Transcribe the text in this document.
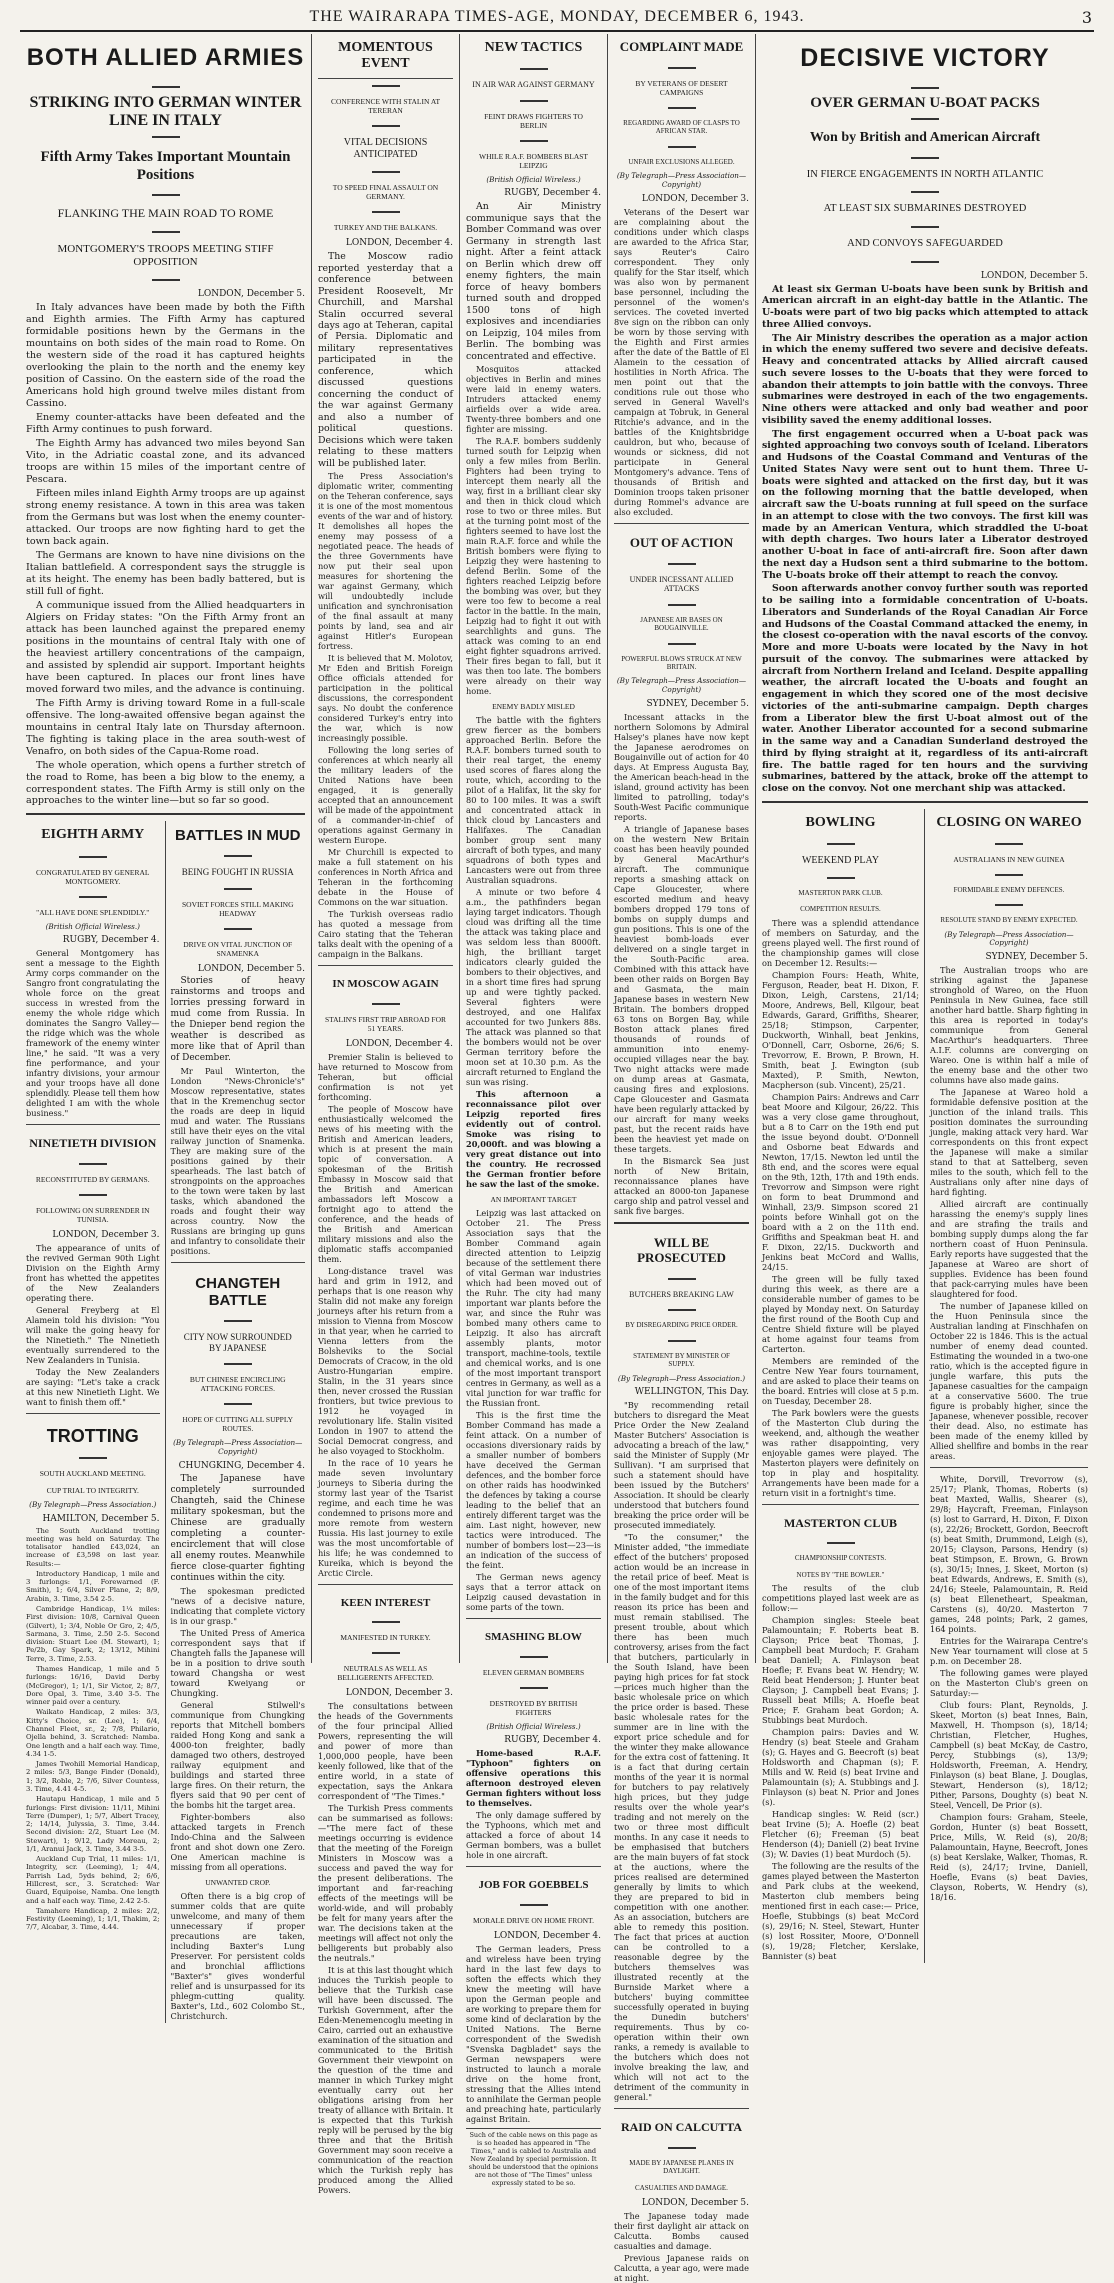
THE WAIRARAPA TIMES-AGE, MONDAY, DECEMBER 6, 1943.	3
BOTH ALLIED ARMIES
STRIKING INTO GERMAN WINTER LINE IN ITALY
Fifth Army Takes Important Mountain Positions
FLANKING THE MAIN ROAD TO ROME
MONTGOMERY'S TROOPS MEETING STIFF OPPOSITION
LONDON, December 5.

In Italy advances have been made by both the Fifth and Eighth armies. The Fifth Army has captured formidable positions hewn by the Germans in the mountains on both sides of the main road to Rome. On the western side of the road it has captured heights overlooking the plain to the north and the enemy key position of Cassino. On the eastern side of the road the Americans hold high ground twelve miles distant from Cassino.

Enemy counter-attacks have been defeated and the Fifth Army continues to push forward.

The Eighth Army has advanced two miles beyond San Vito, in the Adriatic coastal zone, and its advanced troops are within 15 miles of the important centre of Pescara.

Fifteen miles inland Eighth Army troops are up against strong enemy resistance. A town in this area was taken from the Germans but was lost when the enemy counter-attacked. Our troops are now fighting hard to get the town back again.

The Germans are known to have nine divisions on the Italian battlefield. A correspondent says the struggle is at its height. The enemy has been badly battered, but is still full of fight.

A communique issued from the Allied headquarters in Algiers on Friday states: "On the Fifth Army front an attack has been launched against the prepared enemy positions in the mountains of central Italy with one of the heaviest artillery concentrations of the campaign, and assisted by splendid air support. Important heights have been captured. In places our front lines have moved forward two miles, and the advance is continuing.

The Fifth Army is driving toward Rome in a full-scale offensive. The long-awaited offensive began against the mountains in central Italy late on Thursday afternoon. The fighting is taking place in the area south-west of Venafro, on both sides of the Capua-Rome road.

The whole operation, which opens a further stretch of the road to Rome, has been a big blow to the enemy, a correspondent states. The Fifth Army is still only on the approaches to the winter line—but so far so good.

EIGHTH ARMY
CONGRATULATED BY GENERAL MONTGOMERY.
"ALL HAVE DONE SPLENDIDLY."
(British Official Wireless.)
RUGBY, December 4.

General Montgomery has sent a message to the Eighth Army corps commander on the Sangro front congratulating the whole force on the great success in wrested from the enemy the whole ridge which dominates the Sangro Valley—the ridge which was the whole framework of the enemy winter line," he said. "It was a very fine performance, and your infantry divisions, your armour and your troops have all done splendidly. Please tell them how delighted I am with the whole business."

NINETIETH DIVISION
RECONSTITUTED BY GERMANS.
FOLLOWING ON SURRENDER IN TUNISIA.
LONDON, December 3.

The appearance of units of the revived German 90th Light Division on the Eighth Army front has whetted the appetites of the New Zealanders operating there.

General Freyberg at El Alamein told his division: "You will make the going heavy for the Ninetieth." The Ninetieth eventually surrendered to the New Zealanders in Tunisia.

Today the New Zealanders are saying: "Let's take a crack at this new Ninetieth Light. We want to finish them off."

TROTTING
SOUTH AUCKLAND MEETING.
CUP TRIAL TO INTEGRITY.
(By Telegraph—Press Association.)
HAMILTON, December 5.

The South Auckland trotting meeting was held on Saturday. The totalisator handled £43,024, an increase of £3,598 on last year. Results:—

Introductory Handicap, 1 mile and 3 furlongs: 1/1, Forewarned (F. Smith), 1; 6/4, Silver Plane, 2; 8/9, Arabin, 3. Time, 3.54 2-5.

Cambridge Handicap, 1¼ miles: First division: 10/8, Carnival Queen (Gilvert), 1; 3/4, Noble Or Gro, 2; 4/5, Sarmana, 3. Time, 2.50 2-5. Second division: Stuart Lee (M. Stewart), 1; Pe/2b, Gay Spark, 2; 13/12, Mihini Terre, 3. Time, 2.53.

Thames Handicap, 1 mile and 5 furlongs: 16/16, David Derby (McGregor), 1; 1/1, Sir Victor, 2; 8/7, Dore Opal, 3. Time, 3.40 3-5. The winner paid over a century.

Waikato Handicap, 2 miles: 3/3, Kitty's Choice, sr. (Lee), 1; 6/4, Channel Fleet, sr., 2; 7/8, Philario, Ojella behind, 3. Scratched: Namba. One length and a half each way. Time, 4.34 1-5.

James Twohill Memorial Handicap, 2 miles: 5/3, Bange Finder (Donald), 1; 3/2, Roble, 2; 7/6, Silver Countess, 3. Time, 4.41 4-5.

Hautapu Handicap, 1 mile and 5 furlongs: First division: 11/11, Mihini Terre (Dumper), 1; 5/7, Albert Tracey, 2; 14/14, Julyssia, 3. Time, 3.44. Second division: 2/2, Stuart Lee (M. Stewart), 1; 9/12, Lady Moreau, 2; 1/1, Aranui Jack, 3. Time, 3.44 3-5.

Auckland Cup Trial, 11 miles: 1/1, Integrity, scr. (Leeming), 1; 4/4, Parrish Lad, 5yds behind, 2; 6/6, Hillcrest, scr., 3. Scratched: War Guard, Equipoise, Namba. One length and a half each way. Time, 2.42 2-5.

Tamahere Handicap, 2 miles: 2/2, Festivity (Leeming), 1; 1/1, Thakim, 2; 7/7, Alcabar, 3. Time, 4.44.

BATTLES IN MUD
BEING FOUGHT IN RUSSIA
SOVIET FORCES STILL MAKING HEADWAY
DRIVE ON VITAL JUNCTION OF SNAMENKA
LONDON, December 5.

Stories of heavy rainstorms and troops and lorries pressing forward in mud come from Russia. In the Dnieper bend region the weather is described as more like that of April than of December.

Mr Paul Winterton, the London "News-Chronicle's" Moscow representative, states that in the Kremenchug sector the roads are deep in liquid mud and water. The Russians still have their eyes on the vital railway junction of Snamenka. They are making sure of the positions gained by their spearheads. The last batch of strongpoints on the approaches to the town were taken by last tasks, which abandoned the roads and fought their way across country. Now the Russians are bringing up guns and infantry to consolidate their positions.

CHANGTEH BATTLE
CITY NOW SURROUNDED BY JAPANESE
BUT CHINESE ENCIRCLING ATTACKING FORCES.
HOPE OF CUTTING ALL SUPPLY ROUTES.
(By Telegraph—Press Association—Copyright)
CHUNGKING, December 4.

The Japanese have completely surrounded Changteh, said the Chinese military spokesman, but the Chinese are gradually completing a counter-encirclement that will close all enemy routes. Meanwhile fierce close-quarter fighting continues within the city.

The spokesman predicted "news of a decisive nature, indicating that complete victory is in our grasp."

The United Press of America correspondent says that if Changteh falls the Japanese will be in a position to drive south toward Changsha or west toward Kweiyang or Chungking.

General Stilwell's communique from Chungking reports that Mitchell bombers raided Hong Kong and sank a 4000-ton freighter, badly damaged two others, destroyed railway equipment and buildings and started three large fires. On their return, the flyers said that 90 per cent of the bombs hit the target area.

Fighter-bombers also attacked targets in French Indo-China and the Salween front and shot down one Zero. One American machine is missing from all operations.

UNWANTED CROP.

Often there is a big crop of summer colds that are quite unwelcome, and many of them unnecessary if proper precautions are taken, including Baxter's Lung Preserver. For persistent colds and bronchial afflictions "Baxter's" gives wonderful relief and is unsurpassed for its phlegm-cutting quality. Baxter's, Ltd., 602 Colombo St., Christchurch.

MOMENTOUS EVENT
CONFERENCE WITH STALIN AT TERERAN
VITAL DECISIONS ANTICIPATED
TO SPEED FINAL ASSAULT ON GERMANY.
TURKEY AND THE BALKANS.
LONDON, December 4.

The Moscow radio reported yesterday that a conference between President Roosevelt, Mr Churchill, and Marshal Stalin occurred several days ago at Teheran, capital of Persia. Diplomatic and military representatives participated in the conference, which discussed questions concerning the conduct of the war against Germany and also a number of political questions. Decisions which were taken relating to these matters will be published later.

The Press Association's diplomatic writer, commenting on the Teheran conference, says it is one of the most momentous events of the war and of history. It demolishes all hopes the enemy may possess of a negotiated peace. The heads of the three Governments have now put their seal upon measures for shortening the war against Germany, which will undoubtedly include unification and synchronisation of the final assault at many points by land, sea and air against Hitler's European fortress.

It is believed that M. Molotov, Mr Eden and British Foreign Office officials attended for participation in the political discussions, the correspondent says. No doubt the conference considered Turkey's entry into the war, which is now increasingly possible.

Following the long series of conferences at which nearly all the military leaders of the United Nations have been engaged, it is generally accepted that an announcement will be made of the appointment of a commander-in-chief of operations against Germany in western Europe.

Mr Churchill is expected to make a full statement on his conferences in North Africa and Teheran in the forthcoming debate in the House of Commons on the war situation.

The Turkish overseas radio has quoted a message from Cairo stating that the Teheran talks dealt with the opening of a campaign in the Balkans.

IN MOSCOW AGAIN
STALIN'S FIRST TRIP ABROAD FOR 51 YEARS.
LONDON, December 4.

Premier Stalin is believed to have returned to Moscow from Teheran, but official confirmation is not yet forthcoming.

The people of Moscow have enthusiastically welcomed the news of his meeting with the British and American leaders, which is at present the main topic of conversation. A spokesman of the British Embassy in Moscow said that the British and American ambassadors left Moscow a fortnight ago to attend the conference, and the heads of the British and American military missions and also the diplomatic staffs accompanied them.

Long-distance travel was hard and grim in 1912, and perhaps that is one reason why Stalin did not make any foreign journeys after his return from a mission to Vienna from Moscow in that year, when he carried to Vienna letters from the Bolsheviks to the Social Democrats of Cracow, in the old Austro-Hungarian empire. Stalin, in the 31 years since then, never crossed the Russian frontiers, but twice previous to 1912 he voyaged in revolutionary life. Stalin visited London in 1907 to attend the Social Democrat congress, and he also voyaged to Stockholm.

In the race of 10 years he made seven involuntary journeys to Siberia during the stormy last year of the Tsarist regime, and each time he was condemned to prisons more and more remote from western Russia. His last journey to exile was the most uncomfortable of his life; he was condemned to Kureika, which is beyond the Arctic Circle.

KEEN INTEREST
MANIFESTED IN TURKEY.
NEUTRALS AS WELL AS BELLIGERENTS AFFECTED.
LONDON, December 3.

The consultations between the heads of the Governments of the four principal Allied Powers, representing the will and power of more than 1,000,000 people, have been keenly followed, like that of the entire world, in a state of expectation, says the Ankara correspondent of "The Times."

The Turkish Press comments can be summarised as follows:—"The mere fact of these meetings occurring is evidence that the meeting of the Foreign Ministers in Moscow was a success and paved the way for the present deliberations. The important and far-reaching effects of the meetings will be world-wide, and will probably be felt for many years after the war. The decisions taken at the meetings will affect not only the belligerents but probably also the neutrals."

It is at this last thought which induces the Turkish people to believe that the Turkish case will have been discussed. The Turkish Government, after the Eden-Menemencoglu meeting in Cairo, carried out an exhaustive examination of the situation and communicated to the British Government their viewpoint on the question of the time and manner in which Turkey might eventually carry out her obligations arising from her treaty of alliance with Britain. It is expected that this Turkish reply will be perused by the big three and that the British Government may soon receive a communication of the reaction which the Turkish reply has produced among the Allied Powers.

NEW TACTICS
IN AIR WAR AGAINST GERMANY
FEINT DRAWS FIGHTERS TO BERLIN
WHILE R.A.F. BOMBERS BLAST LEIPZIG
(British Official Wireless.)
RUGBY, December 4.

An Air Ministry communique says that the Bomber Command was over Germany in strength last night. After a feint attack on Berlin which drew off enemy fighters, the main force of heavy bombers turned south and dropped 1500 tons of high explosives and incendiaries on Leipzig, 104 miles from Berlin. The bombing was concentrated and effective.

Mosquitos attacked objectives in Berlin and mines were laid in enemy waters. Intruders attacked enemy airfields over a wide area. Twenty-three bombers and one fighter are missing.

The R.A.F. bombers suddenly turned south for Leipzig when only a few miles from Berlin. Fighters had been trying to intercept them nearly all the way, first in a brilliant clear sky and then in thick cloud which rose to two or three miles. But at the turning point most of the fighters seemed to have lost the main R.A.F. force and while the British bombers were flying to Leipzig they were hastening to defend Berlin. Some of the fighters reached Leipzig before the bombing was over, but they were too few to become a real factor in the battle. In the main, Leipzig had to fight it out with searchlights and guns. The attack was coming to an end eight fighter squadrons arrived. Their fires began to fall, but it was then too late. The bombers were already on their way home.

ENEMY BADLY MISLED

The battle with the fighters grew fiercer as the bombers approached Berlin. Before the R.A.F. bombers turned south to their real target, the enemy used scores of flares along the route, which, according to the pilot of a Halifax, lit the sky for 80 to 100 miles. It was a swift and concentrated attack in thick cloud by Lancasters and Halifaxes. The Canadian bomber group sent many aircraft of both types, and many squadrons of both types and Lancasters were out from three Australian squadrons.

A minute or two before 4 a.m., the pathfinders began laying target indicators. Though cloud was drifting all the time the attack was taking place and was seldom less than 8000ft. high, the brilliant target indicators clearly guided the bombers to their objectives, and in a short time fires had sprung up and were tightly packed. Several fighters were destroyed, and one Halifax accounted for two Junkers 88s. The attack was planned so that the bombers would not be over German territory before the moon set at 10.30 p.m. As the aircraft returned to England the sun was rising.

This afternoon a reconnaissance pilot over Leipzig reported fires evidently out of control. Smoke was rising to 20,000ft. and was blowing a very great distance out into the country. He recrossed the German frontier before he saw the last of the smoke.

AN IMPORTANT TARGET

Leipzig was last attacked on October 21. The Press Association says that the Bomber Command again directed attention to Leipzig because of the settlement there of vital German war industries which had been moved out of the Ruhr. The city had many important war plants before the war, and since the Ruhr was bombed many others came to Leipzig. It also has aircraft assembly plants, motor transport, machine-tools, textile and chemical works, and is one of the most important transport centres in Germany, as well as a vital junction for war traffic for the Russian front.

This is the first time the Bomber Command has made a feint attack. On a number of occasions diversionary raids by a smaller number of bombers have deceived the German defences, and the bomber force on other raids has hoodwinked the defences by taking a course leading to the belief that an entirely different target was the aim. Last night, however, new tactics were introduced. The number of bombers lost—23—is an indication of the success of the feint.

The German news agency says that a terror attack on Leipzig caused devastation in some parts of the town.

SMASHING BLOW
ELEVEN GERMAN BOMBERS
DESTROYED BY BRITISH FIGHTERS
(British Official Wireless.)
RUGBY, December 4.

Home-based R.A.F. "Typhoon" fighters on offensive operations this afternoon destroyed eleven German fighters without loss to themselves.

The only damage suffered by the Typhoons, which met and attacked a force of about 14 German bombers, was a bullet hole in one aircraft.

JOB FOR GOEBBELS
MORALE DRIVE ON HOME FRONT.
LONDON, December 4.

The German leaders, Press and wireless have been trying hard in the last few days to soften the effects which they knew the meeting will have upon the German people and are working to prepare them for some kind of declaration by the United Nations. The Berne correspondent of the Swedish "Svenska Dagbladet" says the German newspapers were instructed to launch a morale drive on the home front, stressing that the Allies intend to annihilate the German people and preaching hate, particularly against Britain.

Such of the cable news on this page as is so headed has appeared in "The Times," and is cabled to Australia and New Zealand by special permission. It should be understood that the opinions are not those of "The Times" unless expressly stated to be so.
COMPLAINT MADE
BY VETERANS OF DESERT CAMPAIGNS
REGARDING AWARD OF CLASPS TO AFRICAN STAR.
UNFAIR EXCLUSIONS ALLEGED.
(By Telegraph—Press Association—Copyright)
LONDON, December 3.

Veterans of the Desert war are complaining about the conditions under which clasps are awarded to the Africa Star, says Reuter's Cairo correspondent. They only qualify for the Star itself, which was also won by permanent base personnel, including the personnel of the women's services. The coveted inverted 8ve sign on the ribbon can only be worn by those serving with the Eighth and First armies after the date of the Battle of El Alamein to the cessation of hostilities in North Africa. The men point out that the conditions rule out those who served in General Wavell's campaign at Tobruk, in General Ritchie's advance, and in the battles of the Knightsbridge cauldron, but who, because of wounds or sickness, did not participate in General Montgomery's advance. Tens of thousands of British and Dominion troops taken prisoner during Rommel's advance are also excluded.

OUT OF ACTION
UNDER INCESSANT ALLIED ATTACKS
JAPANESE AIR BASES ON BOUGAINVILLE.
POWERFUL BLOWS STRUCK AT NEW BRITAIN.
(By Telegraph—Press Association—Copyright)
SYDNEY, December 5.

Incessant attacks in the northern Solomons by Admiral Halsey's planes have now kept the Japanese aerodromes on Bougainville out of action for 40 days. At Empress Augusta Bay, the American beach-head in the island, ground activity has been limited to patrolling, today's South-West Pacific communique reports.

A triangle of Japanese bases on the western New Britain coast has been heavily pounded by General MacArthur's aircraft. The communique reports a smashing attack on Cape Gloucester, where escorted medium and heavy bombers dropped 179 tons of bombs on supply dumps and gun positions. This is one of the heaviest bomb-loads ever delivered on a single target in the South-Pacific area. Combined with this attack have been other raids on Borgen Bay and Gasmata, the main Japanese bases in western New Britain. The bombers dropped 63 tons on Borgen Bay, while Boston attack planes fired thousands of rounds of ammunition into enemy-occupied villages near the bay. Two night attacks were made on dump areas at Gasmata, causing fires and explosions. Cape Gloucester and Gasmata have been regularly attacked by our aircraft for many weeks past, but the recent raids have been the heaviest yet made on these targets.

In the Bismarck Sea just north of New Britain, reconnaissance planes have attacked an 8000-ton Japanese cargo ship and patrol vessel and sank five barges.

WILL BE PROSECUTED
BUTCHERS BREAKING LAW
BY DISREGARDING PRICE ORDER.
STATEMENT BY MINISTER OF SUPPLY.
(By Telegraph—Press Association.)
WELLINGTON, This Day.

"By recommending retail butchers to disregard the Meat Price Order the New Zealand Master Butchers' Association is advocating a breach of the law," said the Minister of Supply (Mr Sullivan). "I am surprised that such a statement should have been issued by the Butchers' Association. It should be clearly understood that butchers found breaking the price order will be prosecuted immediately.

"To the consumer," the Minister added, "the immediate effect of the butchers' proposed action would be an increase in the retail price of beef. Meat is one of the most important items in the family budget and for this reason its price has been and must remain stabilised. The present trouble, about which there has been much controversy, arises from the fact that butchers, particularly in the South Island, have been paying high prices for fat stock—prices much higher than the basic wholesale price on which the price order is based. These basic wholesale rates for the summer are in line with the export price schedule and for the winter they make allowance for the extra cost of fattening. It is a fact that during certain months of the year it is normal for butchers to pay relatively high prices, but they judge results over the whole year's trading and not merely on the two or three most difficult months. In any case it needs to be emphasised that butchers are the main buyers of fat stock at the auctions, where the prices realised are determined generally by limits to which they are prepared to bid in competition with one another. As an association, butchers are able to remedy this position. The fact that prices at auction can be controlled to a reasonable degree by the butchers themselves was illustrated recently at the Burnside Market where a butchers' buying committee successfully operated in buying the Dunedin butchers' requirements. Thus by co-operation within their own ranks, a remedy is available to the butchers which does not involve breaking the law, and which will not act to the detriment of the community in general."

RAID ON CALCUTTA
MADE BY JAPANESE PLANES IN DAYLIGHT.
CASUALTIES AND DAMAGE.
LONDON, December 5.

The Japanese today made their first daylight air attack on Calcutta. Bombs caused casualties and damage.

Previous Japanese raids on Calcutta, a year ago, were made at night.

DECISIVE VICTORY
OVER GERMAN U-BOAT PACKS
Won by British and American Aircraft
IN FIERCE ENGAGEMENTS IN NORTH ATLANTIC
AT LEAST SIX SUBMARINES DESTROYED
AND CONVOYS SAFEGUARDED
LONDON, December 5.

At least six German U-boats have been sunk by British and American aircraft in an eight-day battle in the Atlantic. The U-boats were part of two big packs which attempted to attack three Allied convoys.

The Air Ministry describes the operation as a major action in which the enemy suffered two severe and decisive defeats. Heavy and concentrated attacks by Allied aircraft caused such severe losses to the U-boats that they were forced to abandon their attempts to join battle with the convoys. Three submarines were destroyed in each of the two engagements. Nine others were attacked and only bad weather and poor visibility saved the enemy additional losses.

The first engagement occurred when a U-boat pack was sighted approaching two convoys south of Iceland. Liberators and Hudsons of the Coastal Command and Venturas of the United States Navy were sent out to hunt them. Three U-boats were sighted and attacked on the first day, but it was on the following morning that the battle developed, when aircraft saw the U-boats running at full speed on the surface in an attempt to close with the two convoys. The first kill was made by an American Ventura, which straddled the U-boat with depth charges. Two hours later a Liberator destroyed another U-boat in face of anti-aircraft fire. Soon after dawn the next day a Hudson sent a third submarine to the bottom. The U-boats broke off their attempt to reach the convoy.

Soon afterwards another convoy further south was reported to be sailing into a formidable concentration of U-boats. Liberators and Sunderlands of the Royal Canadian Air Force and Hudsons of the Coastal Command attacked the enemy, in the closest co-operation with the naval escorts of the convoy. More and more U-boats were located by the Navy in hot pursuit of the convoy. The submarines were attacked by aircraft from Northern Ireland and Iceland. Despite appalling weather, the aircraft located the U-boats and fought an engagement in which they scored one of the most decisive victories of the anti-submarine campaign. Depth charges from a Liberator blew the first U-boat almost out of the water. Another Liberator accounted for a second submarine in the same way and a Canadian Sunderland destroyed the third by flying straight at it, regardless of its anti-aircraft fire. The battle raged for ten hours and the surviving submarines, battered by the attack, broke off the attempt to close on the convoy. Not one merchant ship was attacked.

BOWLING
WEEKEND PLAY
MASTERTON PARK CLUB.
COMPETITION RESULTS.

There was a splendid attendance of members on Saturday, and the greens played well. The first round of the championship games will close on December 12. Results:—

Champion Fours: Heath, White, Ferguson, Reader, beat H. Dixon, F. Dixon, Leigh, Carstens, 21/14; Moore, Andrews, Bell, Kilgour, beat Edwards, Garard, Griffiths, Shearer, 25/18; Stimpson, Carpenter, Duckworth, Winhall, beat Jenkins, O'Donnell, Carr, Osborne, 26/6; S. Trevorrow, E. Brown, P. Brown, H. Smith, beat J. Ewington (sub Maxted), P. Smith, Newton, Macpherson (sub. Vincent), 25/21.

Champion Pairs: Andrews and Carr beat Moore and Kilgour, 26/22. This was a very close game throughout, but a 8 to Carr on the 19th end put the issue beyond doubt. O'Donnell and Osborne beat Edwards and Newton, 17/15. Newton led until the 8th end, and the scores were equal on the 9th, 12th, 17th and 19th ends. Trevorrow and Simpson were right on form to beat Drummond and Winhall, 23/9. Simpson scored 21 points before Winhall got on the board with a 2 on the 11th end. Griffiths and Speakman beat H. and F. Dixon, 22/15. Duckworth and Jenkins beat McCord and Wallis, 24/15.

The green will be fully taxed during this week, as there are a considerable number of games to be played by Monday next. On Saturday the first round of the Booth Cup and Centre Shield fixture will be played at home against four teams from Carterton.

Members are reminded of the Centre New Year fours tournament, and are asked to place their teams on the board. Entries will close at 5 p.m. on Tuesday, December 28.

The Park bowlers were the guests of the Masterton Club during the weekend, and, although the weather was rather disappointing, very enjoyable games were played. The Masterton players were definitely on top in play and hospitality. Arrangements have been made for a return visit in a fortnight's time.

MASTERTON CLUB
CHAMPIONSHIP CONTESTS.
NOTES BY "THE BOWLER."

The results of the club competitions played last week are as follow:—

Champion singles: Steele beat Palamountain; F. Roberts beat B. Clayson; Price beat Thomas, J. Campbell beat Murdoch; F. Graham beat Daniell; A. Finlayson beat Hoefle; F. Evans beat W. Hendry; W. Reid beat Henderson; J. Hunter beat Clayson; J. Campbell beat Evans; J. Russell beat Mills; A. Hoefle beat Price; F. Graham beat Gordon; A. Stubbings beat Murdoch.

Champion pairs: Davies and W. Hendry (s) beat Steele and Graham (s); G. Hayes and G. Beecroft (s) beat Holdsworth and Chapman (s); F. Mills and W. Reid (s) beat Irvine and Palamountain (s); A. Stubbings and J. Finlayson (s) beat N. Prior and Jones (s).

Handicap singles: W. Reid (scr.) beat Irvine (5); A. Hoefle (2) beat Fletcher (6); Freeman (5) beat Henderson (4); Daniell (2) beat Irvine (3); W. Davies (1) beat Murdoch (5).

The following are the results of the games played between the Masterton and Park clubs at the weekend, Masterton club members being mentioned first in each case:— Price, Hoefle, Stubbings (s) beat McCord (s), 29/16; N. Steel, Stewart, Hunter (s) lost Rossiter, Moore, O'Donnell (s), 19/28; Fletcher, Kerslake, Bannister (s) beat

CLOSING ON WAREO
AUSTRALIANS IN NEW GUINEA
FORMIDABLE ENEMY DEFENCES.
RESOLUTE STAND BY ENEMY EXPECTED.
(By Telegraph—Press Association—Copyright)
SYDNEY, December 5.

The Australian troops who are striking against the Japanese stronghold of Wareo, on the Huon Peninsula in New Guinea, face still another hard battle. Sharp fighting in this area is reported in today's communique from General MacArthur's headquarters. Three A.I.F. columns are converging on Wareo. One is within half a mile of the enemy base and the other two columns have also made gains.

The Japanese at Wareo hold a formidable defensive position at the junction of the inland trails. This position dominates the surrounding jungle, making attack very hard. War correspondents on this front expect the Japanese will make a similar stand to that at Sattelberg, seven miles to the south, which fell to the Australians only after nine days of hard fighting.

Allied aircraft are continually harassing the enemy's supply lines and are strafing the trails and bombing supply dumps along the far northern coast of Huon Peninsula. Early reports have suggested that the Japanese at Wareo are short of supplies. Evidence has been found that pack-carrying mules have been slaughtered for food.

The number of Japanese killed on the Huon Peninsula since the Australian landing at Finschhafen on October 22 is 1846. This is the actual number of enemy dead counted. Estimating the wounded in a two-one ratio, which is the accepted figure in jungle warfare, this puts the Japanese casualties for the campaign at a conservative 5600. The true figure is probably higher, since the Japanese, whenever possible, recover their dead. Also, no estimate has been made of the enemy killed by Allied shellfire and bombs in the rear areas.

White, Dorvill, Trevorrow (s), 25/17; Plank, Thomas, Roberts (s) beat Maxted, Wallis, Shearer (s), 29/8; Haycraft, Freeman, Finlayson (s) lost to Garrard, H. Dixon, F. Dixon (s), 22/26; Brockett, Gordon, Beecroft (s) beat Smith, Drummond, Leigh (s), 20/15; Clayson, Parsons, Hendry (s) beat Stimpson, E. Brown, G. Brown (s), 30/15; Innes, J. Skeet, Morton (s) beat Edwards, Andrews, E. Smith (s), 24/16; Steele, Palamountain, R. Reid (s) beat Ellenetheart, Speakman, Carstens (s), 40/20. Masterton 7 games, 248 points; Park, 2 games, 164 points.

Entries for the Wairarapa Centre's New Year tournament will close at 5 p.m. on December 28.

The following games were played on the Masterton Club's green on Saturday:—

Club fours: Plant, Reynolds, J. Skeet, Morton (s) beat Innes, Bain, Maxwell, H. Thompson (s), 18/14; Christian, Fletcher, Hughes, Campbell (s) beat McKay, de Castro, Percy, Stubbings (s), 13/9; Holdsworth, Freeman, A. Hendry, Finlayson (s) beat Blane, J. Douglas, Stewart, Henderson (s), 18/12; Pither, Parsons, Doughty (s) beat N. Steel, Vencell, De Prior (s).

Champion fours: Graham, Steele, Gordon, Hunter (s) beat Bossett, Price, Mills, W. Reid (s), 20/8; Palamountain, Hayne, Beecroft, Jones (s) beat Kerslake, Walker, Thomas, R. Reid (s), 24/17; Irvine, Daniell, Hoefle, Evans (s) beat Davies, Clayson, Roberts, W. Hendry (s), 18/16.
